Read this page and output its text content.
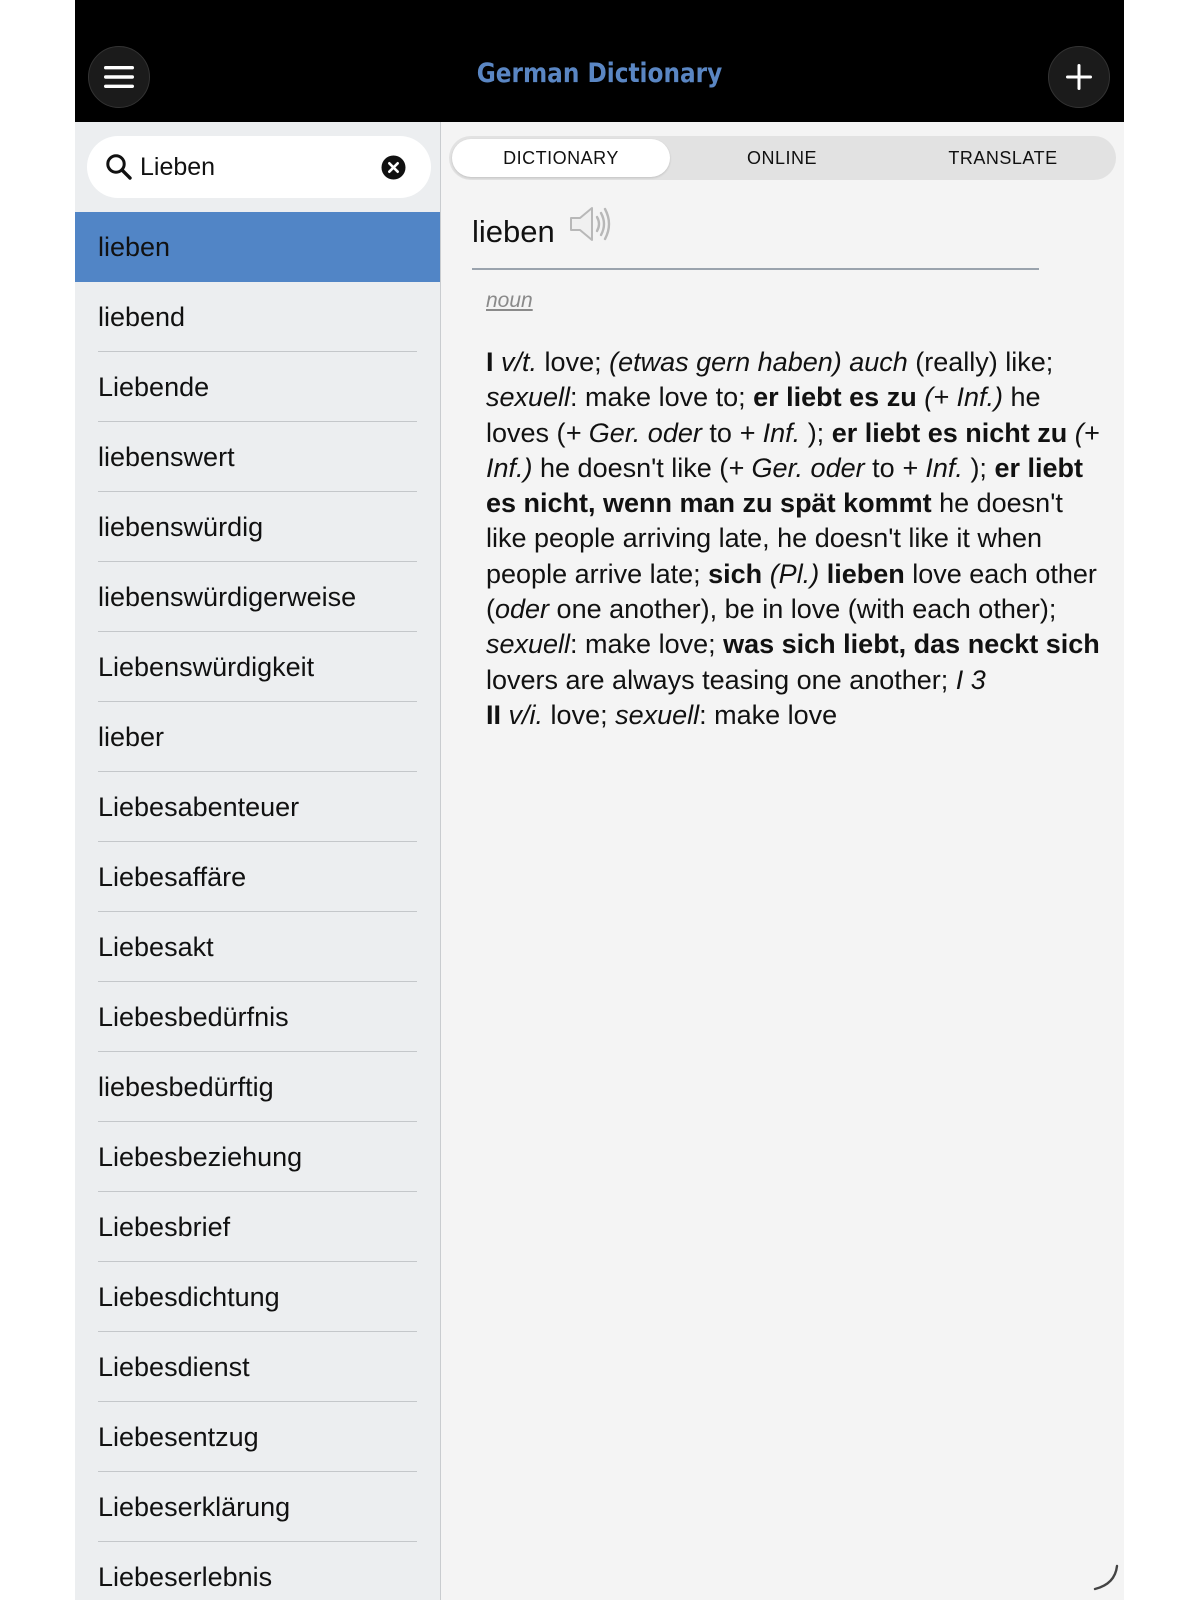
German Dictionary
Lieben
lieben
liebend
Liebende
liebenswert
liebenswürdig
liebenswürdigerweise
Liebenswürdigkeit
lieber
Liebesabenteuer
Liebesaffäre
Liebesakt
Liebesbedürfnis
liebesbedürftig
Liebesbeziehung
Liebesbrief
Liebesdichtung
Liebesdienst
Liebesentzug
Liebeserklärung
Liebeserlebnis
DICTIONARY	ONLINE	TRANSLATE
lieben
noun
I v/t. love; (etwas gern haben) auch (really) like; sexuell: make love to; er liebt es zu (+ Inf.) he loves (+ Ger. oder to + Inf. ); er liebt es nicht zu (+ Inf.) he doesn't like (+ Ger. oder to + Inf. ); er liebt es nicht, wenn man zu spät kommt he doesn't like people arriving late, he doesn't like it when people arrive late; sich (Pl.) lieben love each other (oder one another), be in love (with each other); sexuell: make love; was sich liebt, das neckt sich lovers are always teasing one another; I 3
II v/i. love; sexuell: make love
